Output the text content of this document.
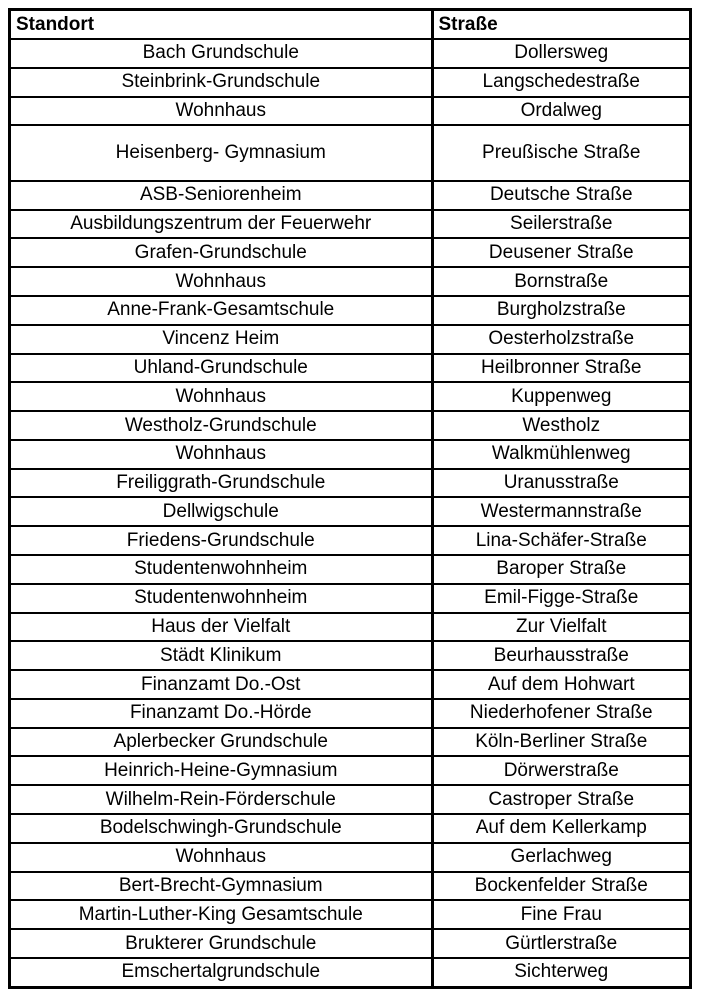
Standort	Straße
Bach Grundschule	Dollersweg
Steinbrink-Grundschule	Langschedestraße
Wohnhaus	Ordalweg
Heisenberg- Gymnasium	Preußische Straße
ASB-Seniorenheim	Deutsche Straße
Ausbildungszentrum der Feuerwehr	Seilerstraße
Grafen-Grundschule	Deusener Straße
Wohnhaus	Bornstraße
Anne-Frank-Gesamtschule	Burgholzstraße
Vincenz Heim	Oesterholzstraße
Uhland-Grundschule	Heilbronner Straße
Wohnhaus	Kuppenweg
Westholz-Grundschule	Westholz
Wohnhaus	Walkmühlenweg
Freiliggrath-Grundschule	Uranusstraße
Dellwigschule	Westermannstraße
Friedens-Grundschule	Lina-Schäfer-Straße
Studentenwohnheim	Baroper Straße
Studentenwohnheim	Emil-Figge-Straße
Haus der Vielfalt	Zur Vielfalt
Städt Klinikum	Beurhausstraße
Finanzamt Do.-Ost	Auf dem Hohwart
Finanzamt Do.-Hörde	Niederhofener Straße
Aplerbecker Grundschule	Köln-Berliner Straße
Heinrich-Heine-Gymnasium	Dörwerstraße
Wilhelm-Rein-Förderschule	Castroper Straße
Bodelschwingh-Grundschule	Auf dem Kellerkamp
Wohnhaus	Gerlachweg
Bert-Brecht-Gymnasium	Bockenfelder Straße
Martin-Luther-King Gesamtschule	Fine Frau
Brukterer Grundschule	Gürtlerstraße
Emschertalgrundschule	Sichterweg
